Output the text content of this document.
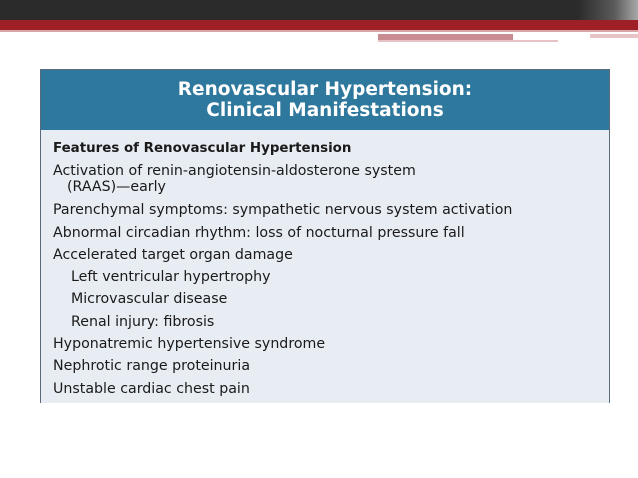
Renovascular Hypertension:
Clinical Manifestations
Features of Renovascular Hypertension
Activation of renin-angiotensin-aldosterone system
(RAAS)—early
Parenchymal symptoms: sympathetic nervous system activation
Abnormal circadian rhythm: loss of nocturnal pressure fall
Accelerated target organ damage
Left ventricular hypertrophy
Microvascular disease
Renal injury: fibrosis
Hyponatremic hypertensive syndrome
Nephrotic range proteinuria
Unstable cardiac chest pain
